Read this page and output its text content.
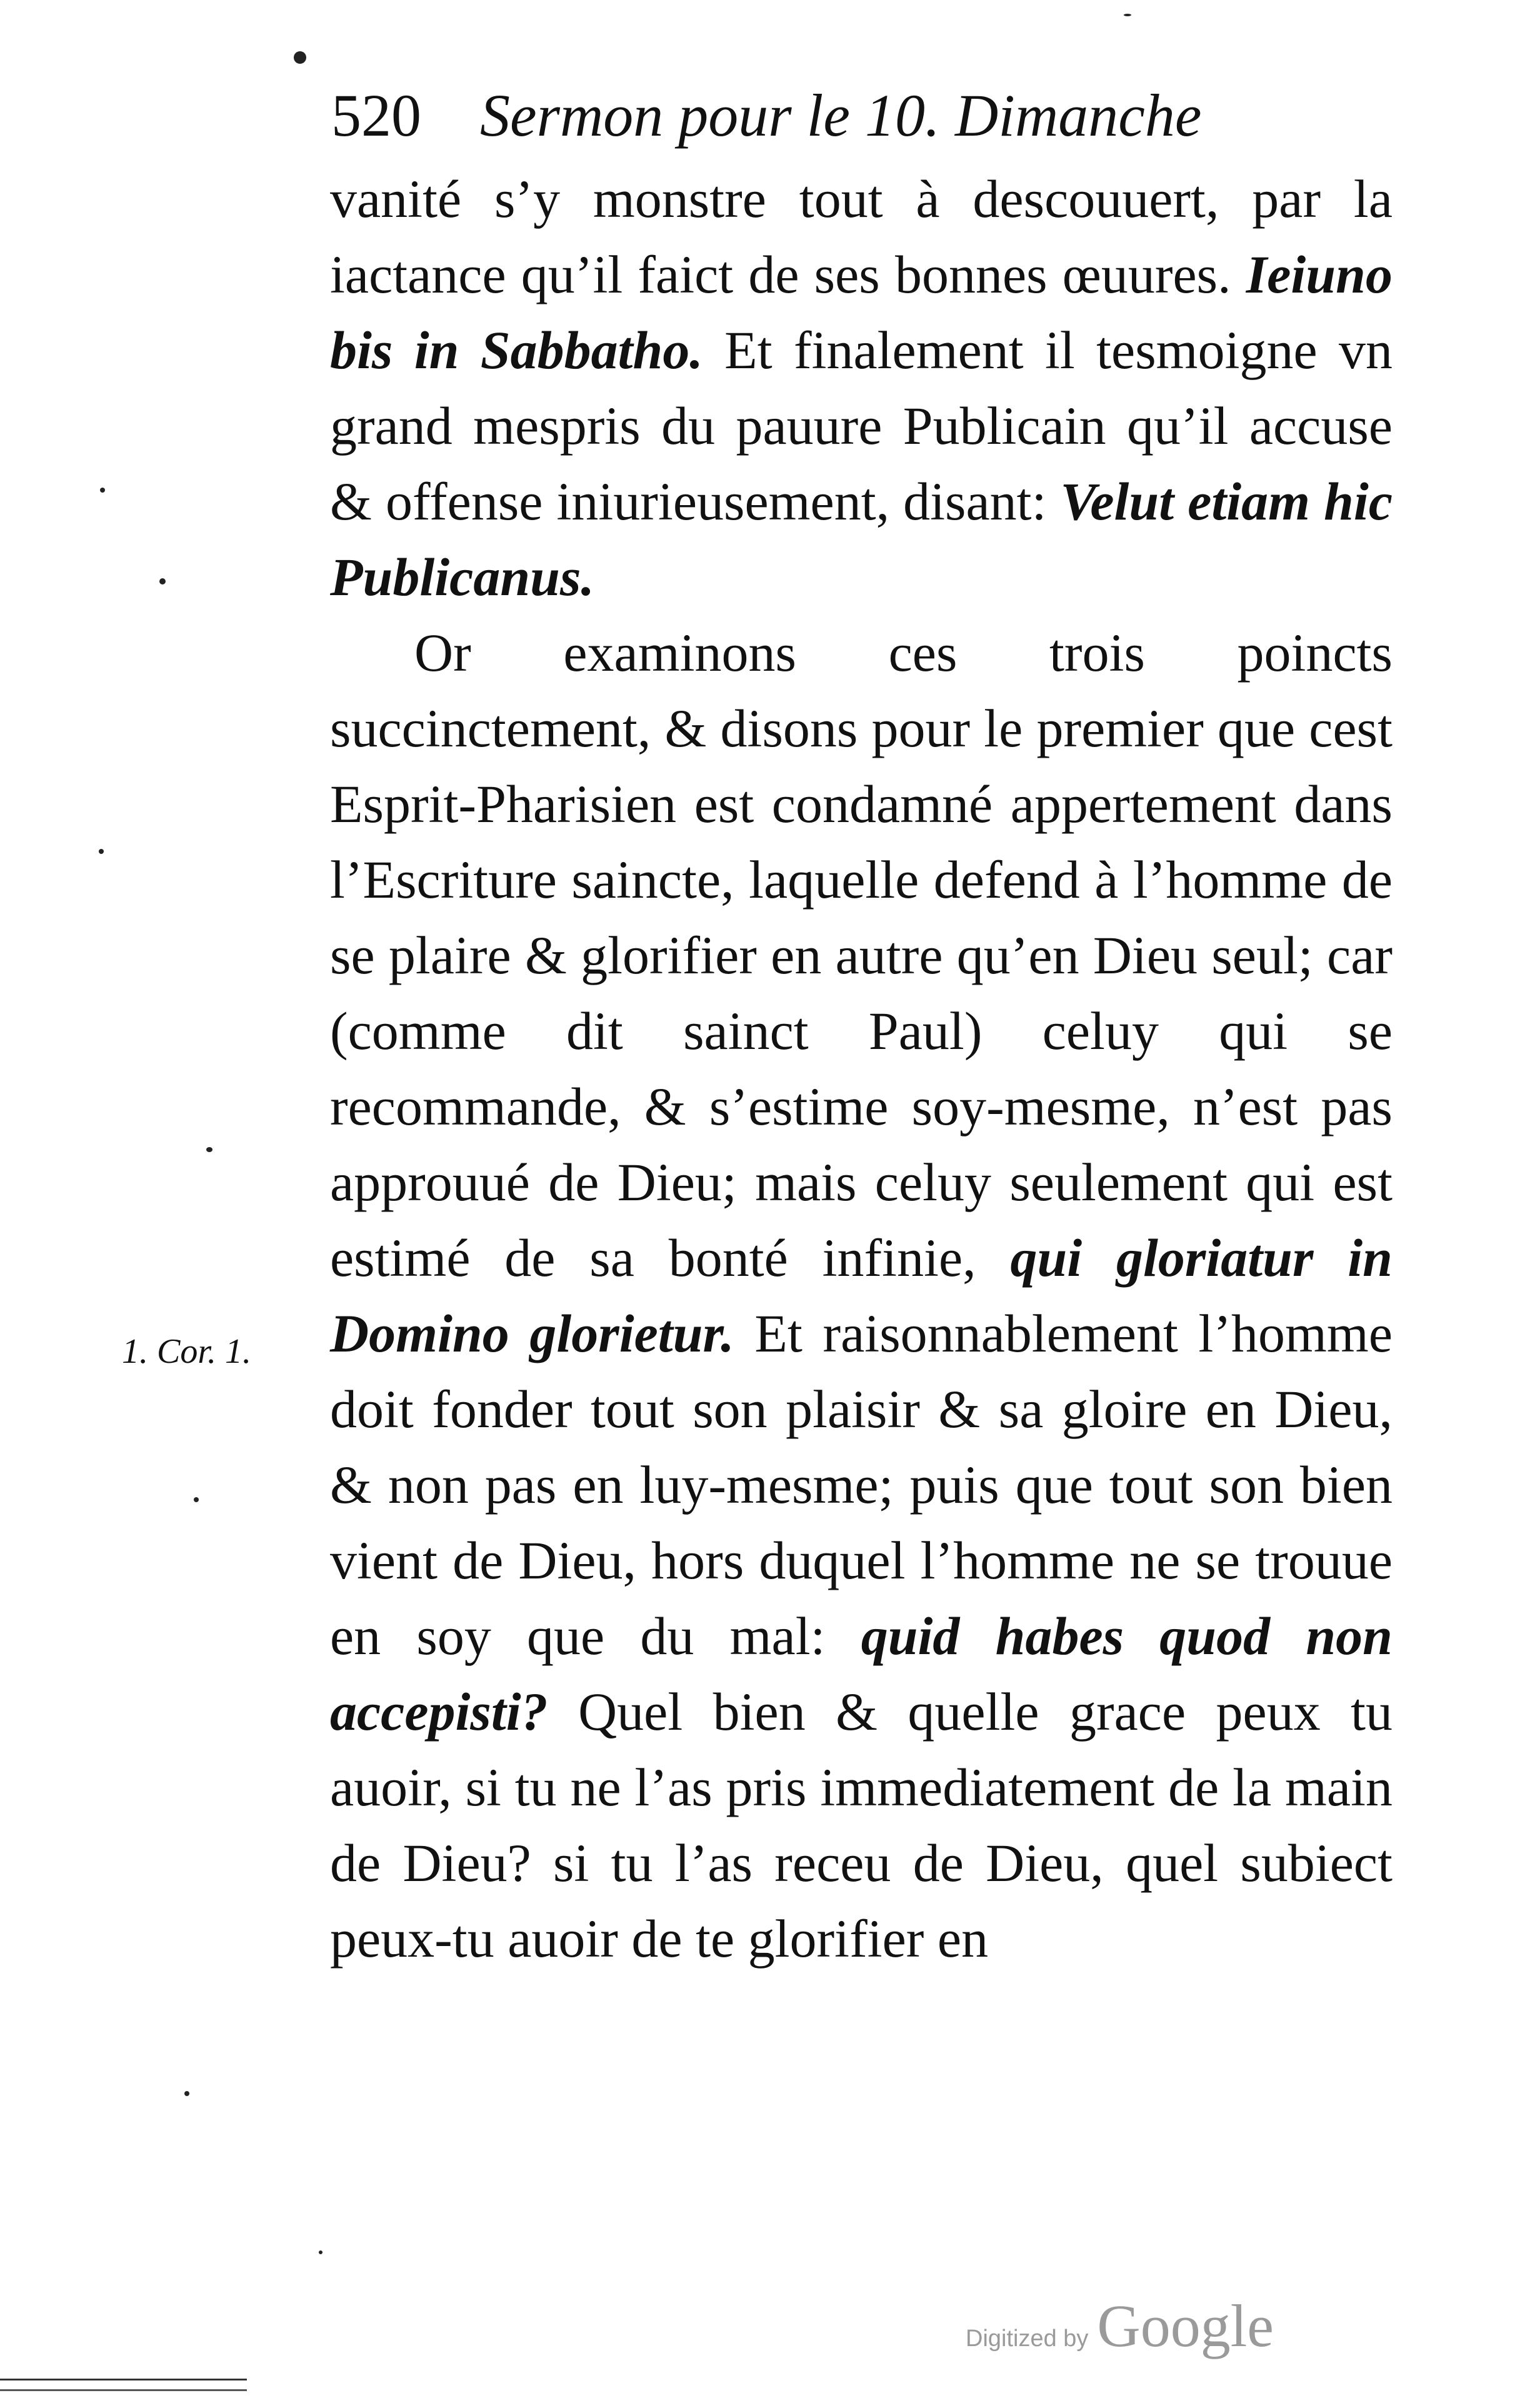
520 Sermon pour le 10. Dimanche

vanité s’y monstre tout à descouuert, par la iactance qu’il faict de ses bonnes œuures. Ieiuno bis in Sabbatho. Et finalement il tesmoigne vn grand mespris du pauure Publicain qu’il accuse & offense iniurieusement, disant: Velut etiam hic Publicanus.

Or examinons ces trois poincts succinctement, & disons pour le premier que cest Esprit-Pharisien est condamné appertement dans l’Escriture saincte, laquelle defend à l’homme de se plaire & glorifier en autre qu’en Dieu seul; car (comme dit sainct Paul) celuy qui se recommande, & s’estime soy-mesme, n’est pas approuué de Dieu; mais celuy seulement qui est estimé de sa bonté infinie, qui gloriatur in Domino glorietur. Et raisonnablement l’homme doit fonder tout son plaisir & sa gloire en Dieu, & non pas en luy-mesme; puis que tout son bien vient de Dieu, hors duquel l’homme ne se trouue en soy que du mal: quid habes quod non accepisti? Quel bien & quelle grace peux tu auoir, si tu ne l’as pris immediatement de la main de Dieu? si tu l’as receu de Dieu, quel subiect peux-tu auoir de te glorifier en

1. Cor. 1.
Digitized by Google
